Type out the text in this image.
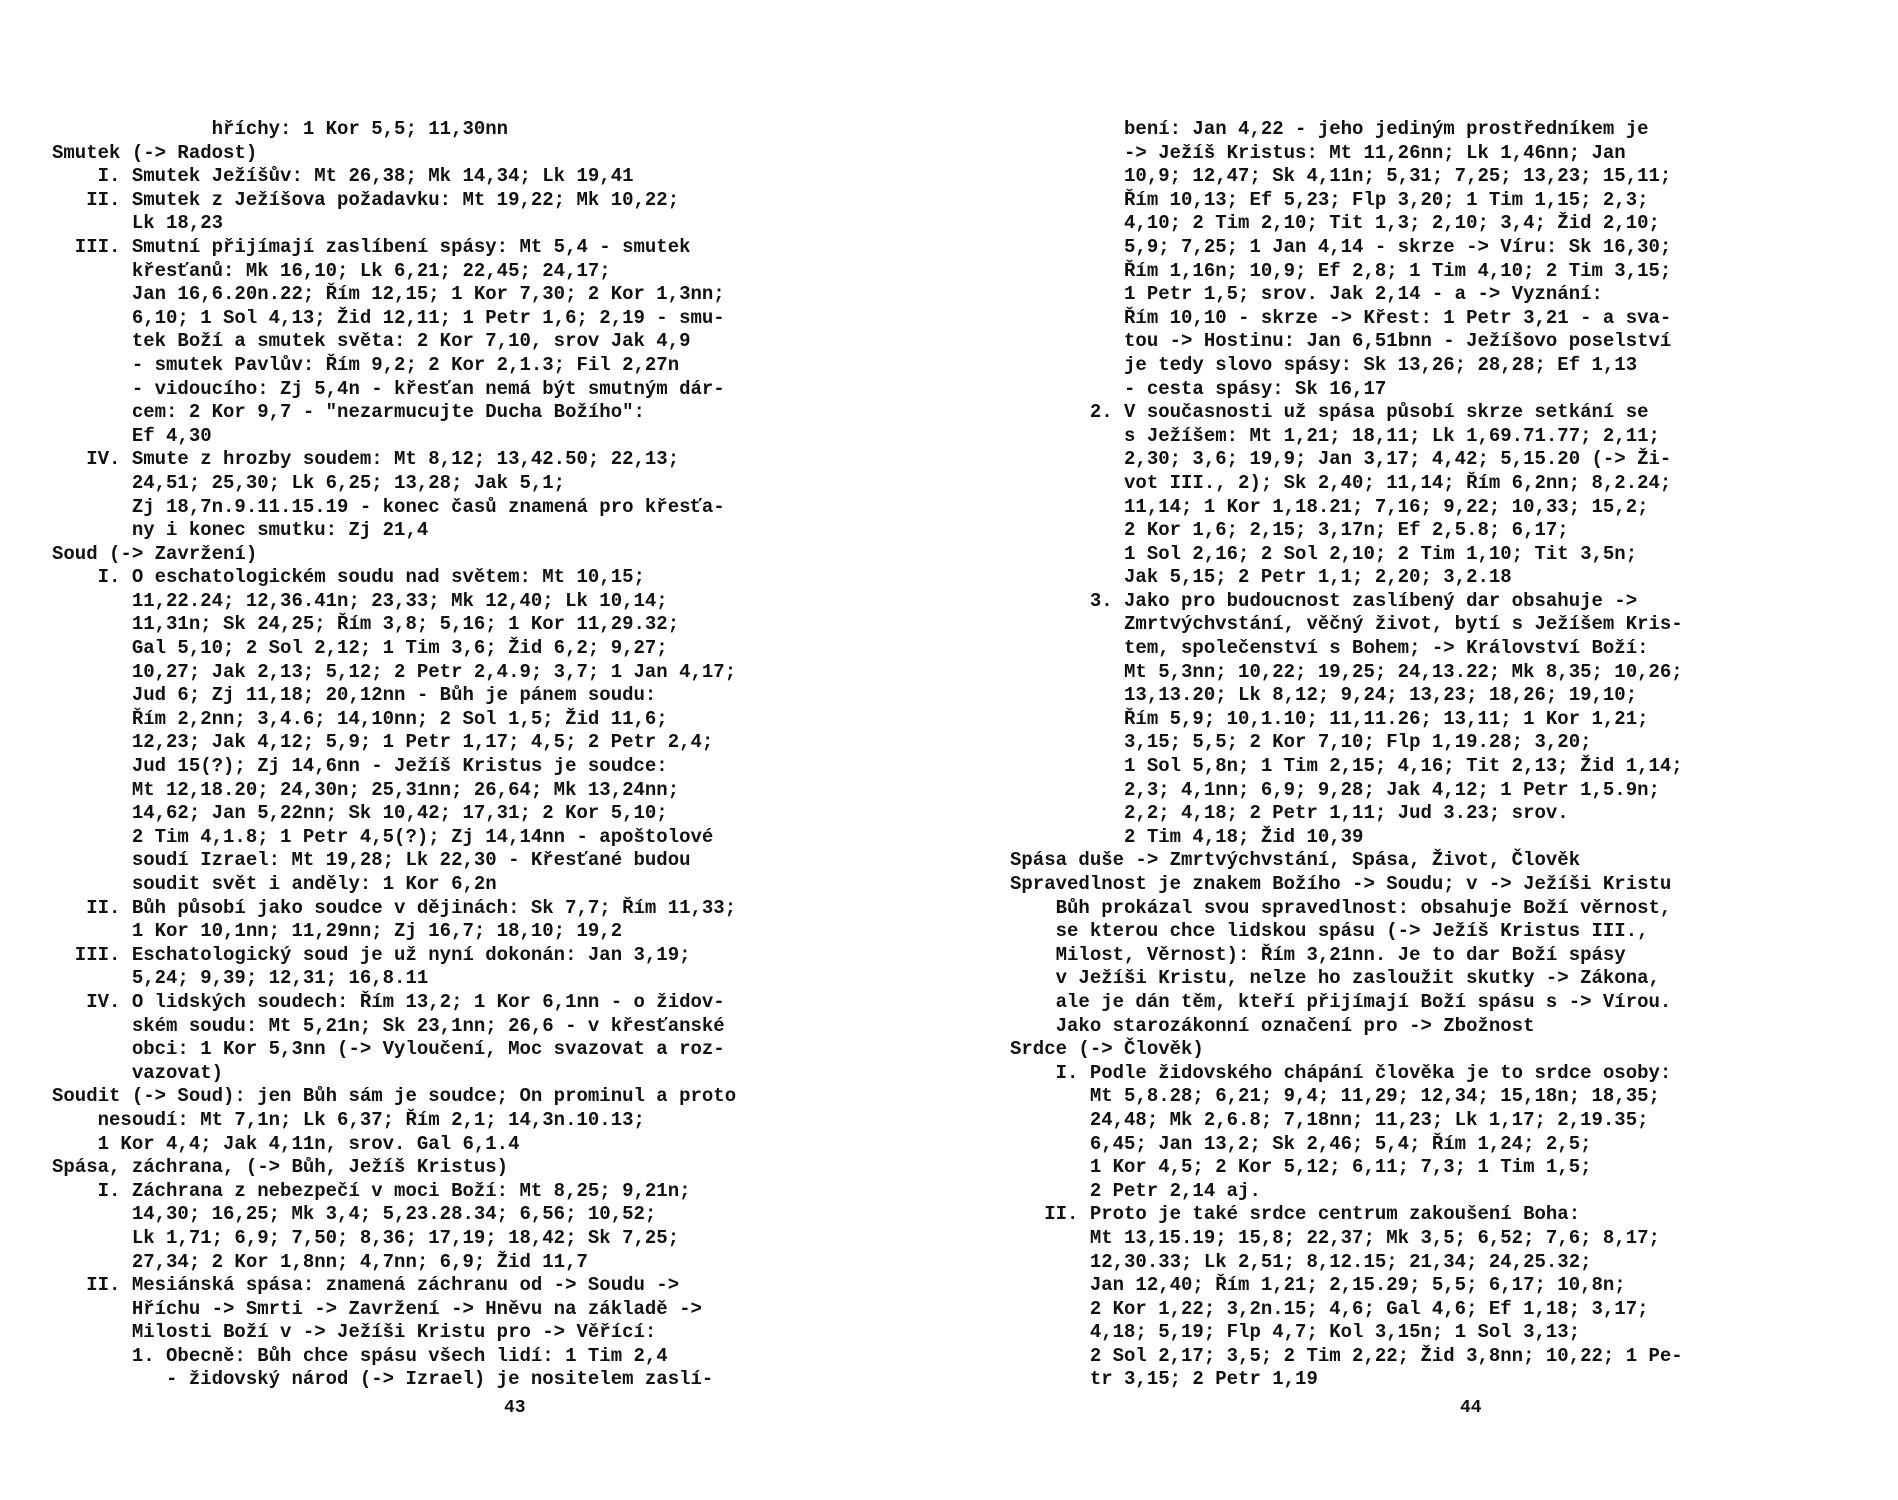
hříchy: 1 Kor 5,5; 11,30nn
Smutek (-> Radost)
I. Smutek Ježíšův: Mt 26,38; Mk 14,34; Lk 19,41
II. Smutek z Ježíšova požadavku: Mt 19,22; Mk 10,22;
Lk 18,23
III. Smutní přijímají zaslíbení spásy: Mt 5,4 - smutek
křesťanů: Mk 16,10; Lk 6,21; 22,45; 24,17;
Jan 16,6.20n.22; Řím 12,15; 1 Kor 7,30; 2 Kor 1,3nn;
6,10; 1 Sol 4,13; Žid 12,11; 1 Petr 1,6; 2,19 - smu-
tek Boží a smutek světa: 2 Kor 7,10, srov Jak 4,9
- smutek Pavlův: Řím 9,2; 2 Kor 2,1.3; Fil 2,27n
- vidoucího: Zj 5,4n - křesťan nemá být smutným dár-
cem: 2 Kor 9,7 - "nezarmucujte Ducha Božího":
Ef 4,30
IV. Smute z hrozby soudem: Mt 8,12; 13,42.50; 22,13;
24,51; 25,30; Lk 6,25; 13,28; Jak 5,1;
Zj 18,7n.9.11.15.19 - konec časů znamená pro křesťa-
ny i konec smutku: Zj 21,4
Soud (-> Zavržení)
I. O eschatologickém soudu nad světem: Mt 10,15;
11,22.24; 12,36.41n; 23,33; Mk 12,40; Lk 10,14;
11,31n; Sk 24,25; Řím 3,8; 5,16; 1 Kor 11,29.32;
Gal 5,10; 2 Sol 2,12; 1 Tim 3,6; Žid 6,2; 9,27;
10,27; Jak 2,13; 5,12; 2 Petr 2,4.9; 3,7; 1 Jan 4,17;
Jud 6; Zj 11,18; 20,12nn - Bůh je pánem soudu:
Řím 2,2nn; 3,4.6; 14,10nn; 2 Sol 1,5; Žid 11,6;
12,23; Jak 4,12; 5,9; 1 Petr 1,17; 4,5; 2 Petr 2,4;
Jud 15(?); Zj 14,6nn - Ježíš Kristus je soudce:
Mt 12,18.20; 24,30n; 25,31nn; 26,64; Mk 13,24nn;
14,62; Jan 5,22nn; Sk 10,42; 17,31; 2 Kor 5,10;
2 Tim 4,1.8; 1 Petr 4,5(?); Zj 14,14nn - apoštolové
soudí Izrael: Mt 19,28; Lk 22,30 - Křesťané budou
soudit svět i anděly: 1 Kor 6,2n
II. Bůh působí jako soudce v dějinách: Sk 7,7; Řím 11,33;
1 Kor 10,1nn; 11,29nn; Zj 16,7; 18,10; 19,2
III. Eschatologický soud je už nyní dokonán: Jan 3,19;
5,24; 9,39; 12,31; 16,8.11
IV. O lidských soudech: Řím 13,2; 1 Kor 6,1nn - o židov-
ském soudu: Mt 5,21n; Sk 23,1nn; 26,6 - v křesťanské
obci: 1 Kor 5,3nn (-> Vyloučení, Moc svazovat a roz-
vazovat)
Soudit (-> Soud): jen Bůh sám je soudce; On prominul a proto
nesoudí: Mt 7,1n; Lk 6,37; Řím 2,1; 14,3n.10.13;
1 Kor 4,4; Jak 4,11n, srov. Gal 6,1.4
Spása, záchrana, (-> Bůh, Ježíš Kristus)
I. Záchrana z nebezpečí v moci Boží: Mt 8,25; 9,21n;
14,30; 16,25; Mk 3,4; 5,23.28.34; 6,56; 10,52;
Lk 1,71; 6,9; 7,50; 8,36; 17,19; 18,42; Sk 7,25;
27,34; 2 Kor 1,8nn; 4,7nn; 6,9; Žid 11,7
II. Mesiánská spása: znamená záchranu od -> Soudu ->
Hříchu -> Smrti -> Zavržení -> Hněvu na základě ->
Milosti Boží v -> Ježíši Kristu pro -> Věřící:
1. Obecně: Bůh chce spásu všech lidí: 1 Tim 2,4
- židovský národ (-> Izrael) je nositelem zaslí-
43
bení: Jan 4,22 - jeho jediným prostředníkem je
-> Ježíš Kristus: Mt 11,26nn; Lk 1,46nn; Jan
10,9; 12,47; Sk 4,11n; 5,31; 7,25; 13,23; 15,11;
Řím 10,13; Ef 5,23; Flp 3,20; 1 Tim 1,15; 2,3;
4,10; 2 Tim 2,10; Tit 1,3; 2,10; 3,4; Žid 2,10;
5,9; 7,25; 1 Jan 4,14 - skrze -> Víru: Sk 16,30;
Řím 1,16n; 10,9; Ef 2,8; 1 Tim 4,10; 2 Tim 3,15;
1 Petr 1,5; srov. Jak 2,14 - a -> Vyznání:
Řím 10,10 - skrze -> Křest: 1 Petr 3,21 - a sva-
tou -> Hostinu: Jan 6,51bnn - Ježíšovo poselství
je tedy slovo spásy: Sk 13,26; 28,28; Ef 1,13
- cesta spásy: Sk 16,17
2. V současnosti už spása působí skrze setkání se
s Ježíšem: Mt 1,21; 18,11; Lk 1,69.71.77; 2,11;
2,30; 3,6; 19,9; Jan 3,17; 4,42; 5,15.20 (-> Ži-
vot III., 2); Sk 2,40; 11,14; Řím 6,2nn; 8,2.24;
11,14; 1 Kor 1,18.21; 7,16; 9,22; 10,33; 15,2;
2 Kor 1,6; 2,15; 3,17n; Ef 2,5.8; 6,17;
1 Sol 2,16; 2 Sol 2,10; 2 Tim 1,10; Tit 3,5n;
Jak 5,15; 2 Petr 1,1; 2,20; 3,2.18
3. Jako pro budoucnost zaslíbený dar obsahuje ->
Zmrtvýchvstání, věčný život, bytí s Ježíšem Kris-
tem, společenství s Bohem; -> Království Boží:
Mt 5,3nn; 10,22; 19,25; 24,13.22; Mk 8,35; 10,26;
13,13.20; Lk 8,12; 9,24; 13,23; 18,26; 19,10;
Řím 5,9; 10,1.10; 11,11.26; 13,11; 1 Kor 1,21;
3,15; 5,5; 2 Kor 7,10; Flp 1,19.28; 3,20;
1 Sol 5,8n; 1 Tim 2,15; 4,16; Tit 2,13; Žid 1,14;
2,3; 4,1nn; 6,9; 9,28; Jak 4,12; 1 Petr 1,5.9n;
2,2; 4,18; 2 Petr 1,11; Jud 3.23; srov.
2 Tim 4,18; Žid 10,39
Spása duše -> Zmrtvýchvstání, Spása, Život, Člověk
Spravedlnost je znakem Božího -> Soudu; v -> Ježíši Kristu
Bůh prokázal svou spravedlnost: obsahuje Boží věrnost,
se kterou chce lidskou spásu (-> Ježíš Kristus III.,
Milost, Věrnost): Řím 3,21nn. Je to dar Boží spásy
v Ježíši Kristu, nelze ho zasloužit skutky -> Zákona,
ale je dán těm, kteří přijímají Boží spásu s -> Vírou.
Jako starozákonní označení pro -> Zbožnost
Srdce (-> Člověk)
I. Podle židovského chápání člověka je to srdce osoby:
Mt 5,8.28; 6,21; 9,4; 11,29; 12,34; 15,18n; 18,35;
24,48; Mk 2,6.8; 7,18nn; 11,23; Lk 1,17; 2,19.35;
6,45; Jan 13,2; Sk 2,46; 5,4; Řím 1,24; 2,5;
1 Kor 4,5; 2 Kor 5,12; 6,11; 7,3; 1 Tim 1,5;
2 Petr 2,14 aj.
II. Proto je také srdce centrum zakoušení Boha:
Mt 13,15.19; 15,8; 22,37; Mk 3,5; 6,52; 7,6; 8,17;
12,30.33; Lk 2,51; 8,12.15; 21,34; 24,25.32;
Jan 12,40; Řím 1,21; 2,15.29; 5,5; 6,17; 10,8n;
2 Kor 1,22; 3,2n.15; 4,6; Gal 4,6; Ef 1,18; 3,17;
4,18; 5,19; Flp 4,7; Kol 3,15n; 1 Sol 3,13;
2 Sol 2,17; 3,5; 2 Tim 2,22; Žid 3,8nn; 10,22; 1 Pe-
tr 3,15; 2 Petr 1,19
44
